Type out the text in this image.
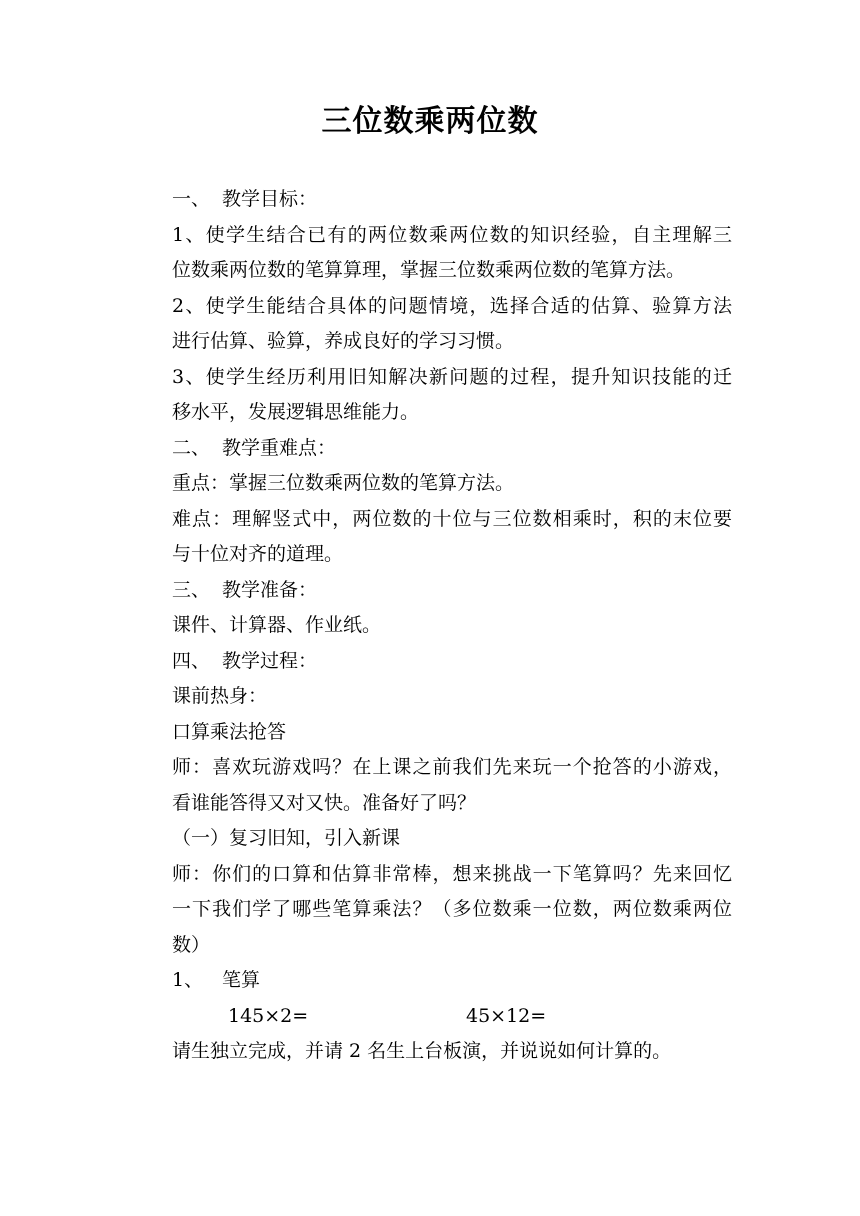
三位数乘两位数
一、 教学目标：
1、使学生结合已有的两位数乘两位数的知识经验，自主理解三
位数乘两位数的笔算算理，掌握三位数乘两位数的笔算方法。
2、使学生能结合具体的问题情境，选择合适的估算、验算方法
进行估算、验算，养成良好的学习习惯。
3、使学生经历利用旧知解决新问题的过程，提升知识技能的迁
移水平，发展逻辑思维能力。
二、 教学重难点：
重点：掌握三位数乘两位数的笔算方法。
难点：理解竖式中，两位数的十位与三位数相乘时，积的末位要
与十位对齐的道理。
三、 教学准备：
课件、计算器、作业纸。
四、 教学过程：
课前热身：
口算乘法抢答
师：喜欢玩游戏吗？在上课之前我们先来玩一个抢答的小游戏，
看谁能答得又对又快。准备好了吗？
（一）复习旧知，引入新课
师：你们的口算和估算非常棒，想来挑战一下笔算吗？先来回忆
一下我们学了哪些笔算乘法？（多位数乘一位数，两位数乘两位
数）
1、 笔算
145×2=	45×12=
请生独立完成，并请 2 名生上台板演，并说说如何计算的。
